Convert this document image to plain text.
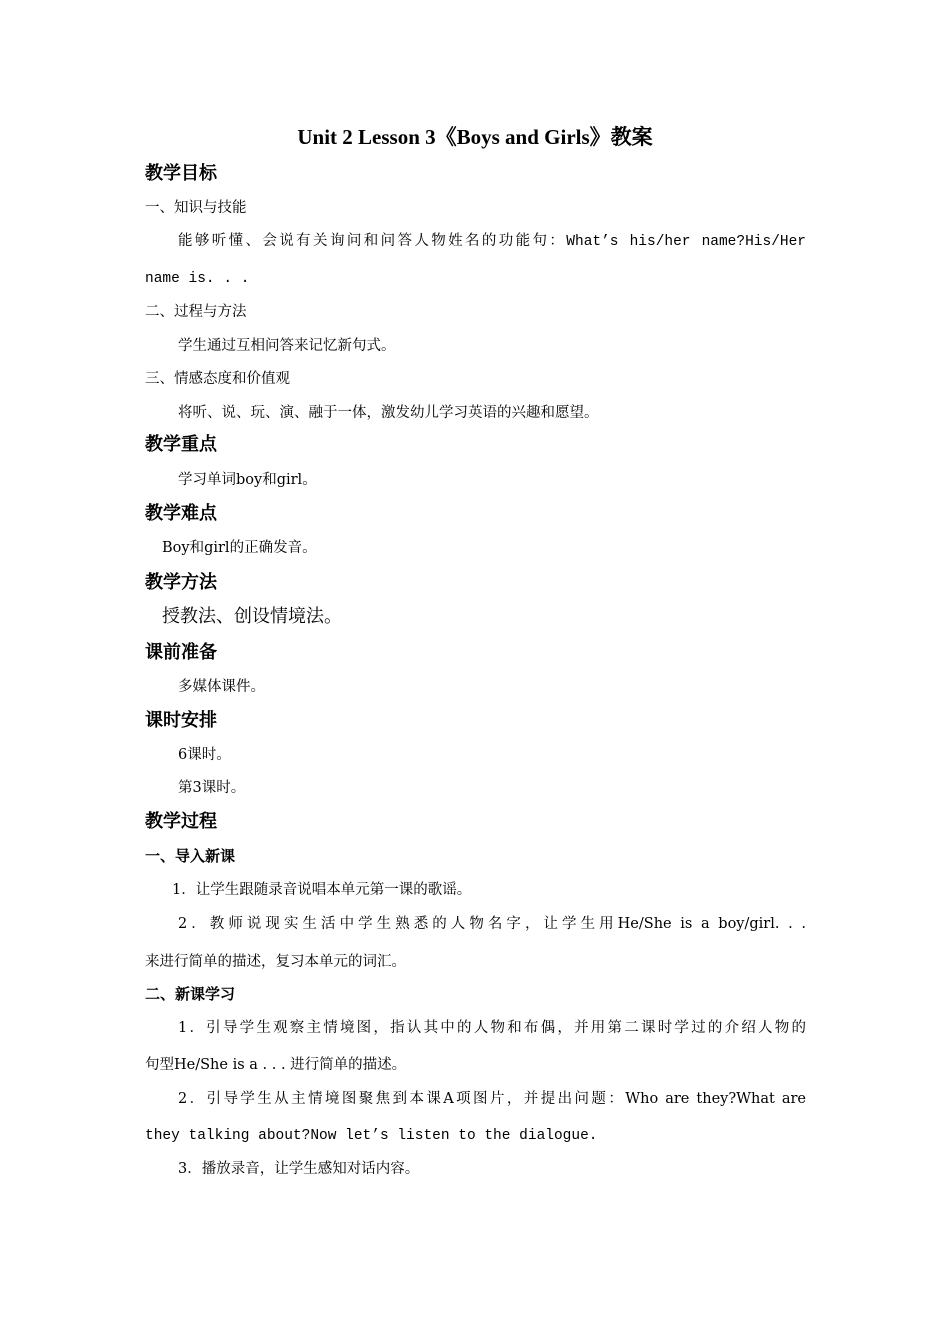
Unit 2 Lesson 3《Boys and Girls》教案
教学目标
一、知识与技能
能够听懂、会说有关询问和问答人物姓名的功能句：What’s his/her name?His/Her
name is. . .
二、过程与方法
学生通过互相问答来记忆新句式。
三、情感态度和价值观
将听、说、玩、演、融于一体，激发幼儿学习英语的兴趣和愿望。
教学重点
学习单词boy和girl。
教学难点
Boy和girl的正确发音。
教学方法
授教法、创设情境法。
课前准备
多媒体课件。
课时安排
6课时。
第3课时。
教学过程
一、导入新课
1．让学生跟随录音说唱本单元第一课的歌谣。
2．教师说现实生活中学生熟悉的人物名字，让学生用He/She is a boy/girl. . .
来进行简单的描述，复习本单元的词汇。
二、新课学习
1．引导学生观察主情境图，指认其中的人物和布偶，并用第二课时学过的介绍人物的
句型He/She is a . . . 进行简单的描述。
2．引导学生从主情境图聚焦到本课A项图片，并提出问题：Who are they?What are
they talking about?Now let’s listen to the dialogue.
3．播放录音，让学生感知对话内容。
